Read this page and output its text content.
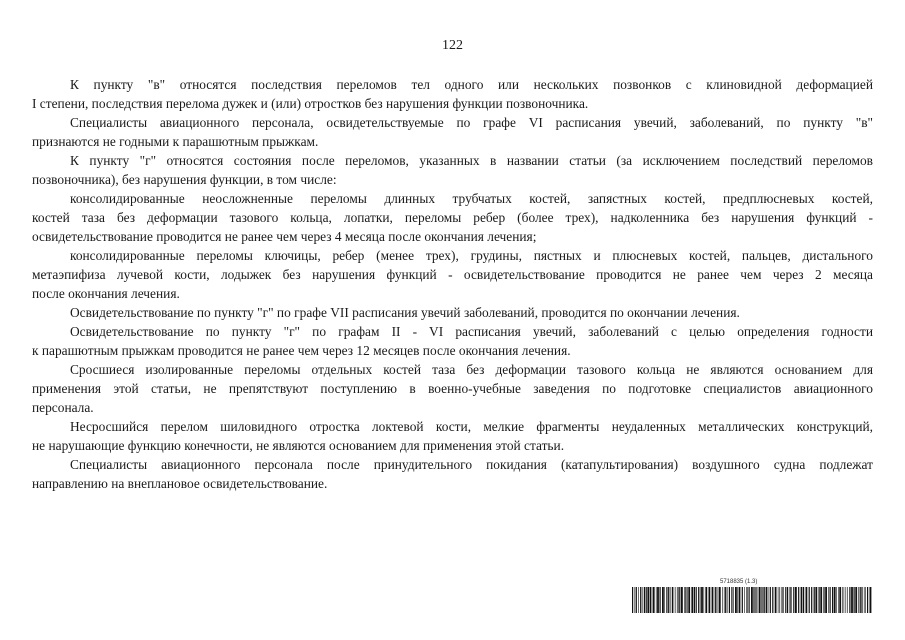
122
К пункту "в" относятся последствия переломов тел одного или нескольких позвонков с клиновидной деформацией
I степени, последствия перелома дужек и (или) отростков без нарушения функции позвоночника.
Специалисты авиационного персонала, освидетельствуемые по графе VI расписания увечий, заболеваний, по пункту "в"
признаются не годными к парашютным прыжкам.
К пункту "г" относятся состояния после переломов, указанных в названии статьи (за исключением последствий переломов
позвоночника), без нарушения функции, в том числе:
консолидированные неосложненные переломы длинных трубчатых костей, запястных костей, предплюсневых костей,
костей таза без деформации тазового кольца, лопатки, переломы ребер (более трех), надколенника без нарушения функций -
освидетельствование проводится не ранее чем через 4 месяца после окончания лечения;
консолидированные переломы ключицы, ребер (менее трех), грудины, пястных и плюсневых костей, пальцев, дистального
метаэпифиза лучевой кости, лодыжек без нарушения функций - освидетельствование проводится не ранее чем через 2 месяца
после окончания лечения.
Освидетельствование по пункту "г" по графе VII расписания увечий заболеваний, проводится по окончании лечения.
Освидетельствование по пункту "г" по графам II - VI расписания увечий, заболеваний с целью определения годности
к парашютным прыжкам проводится не ранее чем через 12 месяцев после окончания лечения.
Сросшиеся изолированные переломы отдельных костей таза без деформации тазового кольца не являются основанием для
применения этой статьи, не препятствуют поступлению в военно-учебные заведения по подготовке специалистов авиационного
персонала.
Несросшийся перелом шиловидного отростка локтевой кости, мелкие фрагменты неудаленных металлических конструкций,
не нарушающие функцию конечности, не являются основанием для применения этой статьи.
Специалисты авиационного персонала после принудительного покидания (катапультирования) воздушного судна подлежат
направлению на внеплановое освидетельствование.
5718835 (1.3)
